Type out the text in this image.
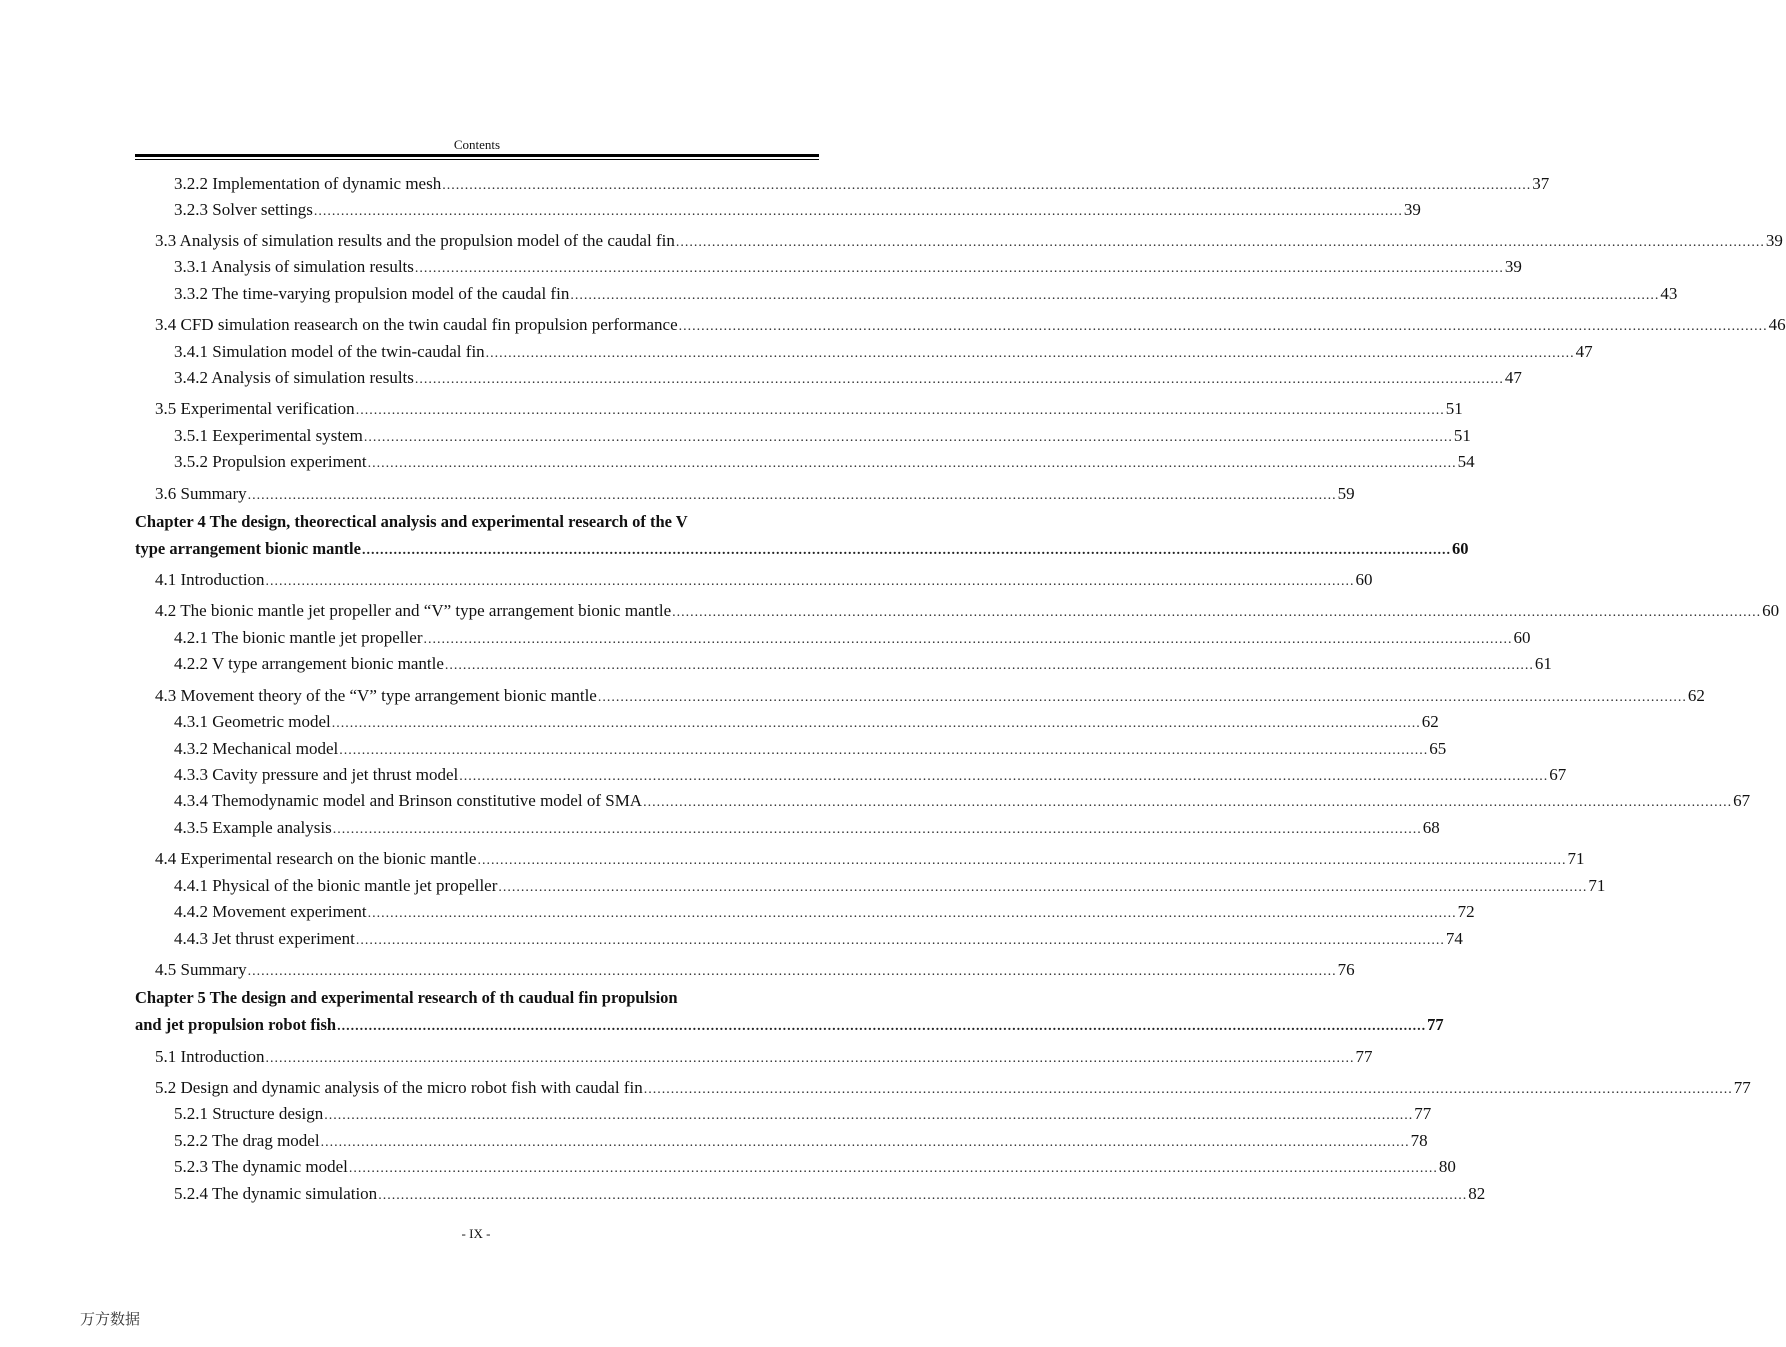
Contents
3.2.2 Implementation of dynamic mesh .....	37
3.2.3 Solver settings .....	39
3.3 Analysis of simulation results and the propulsion model of the caudal fin .....	39
3.3.1 Analysis of simulation results .....	39
3.3.2 The time-varying propulsion model of the caudal fin .....	43
3.4 CFD simulation reasearch on the twin caudal fin propulsion performance .....	46
3.4.1 Simulation model of the twin-caudal fin .....	47
3.4.2 Analysis of simulation results .....	47
3.5 Experimental verification .....	51
3.5.1 Eexperimental system .....	51
3.5.2 Propulsion experiment .....	54
3.6 Summary .....	59
Chapter 4 The design, theorectical analysis and experimental research of the V
type arrangement bionic mantle .....	60
4.1 Introduction .....	60
4.2 The bionic mantle jet propeller and “V” type arrangement bionic mantle .....	60
4.2.1 The bionic mantle jet propeller .....	60
4.2.2 V type arrangement bionic mantle .....	61
4.3 Movement theory of the “V” type arrangement bionic mantle .....	62
4.3.1 Geometric model .....	62
4.3.2 Mechanical model .....	65
4.3.3 Cavity pressure and jet thrust model .....	67
4.3.4 Themodynamic model and Brinson constitutive model of SMA .....	67
4.3.5 Example analysis .....	68
4.4 Experimental research on the bionic mantle .....	71
4.4.1 Physical of the bionic mantle jet propeller .....	71
4.4.2 Movement experiment .....	72
4.4.3 Jet thrust experiment .....	74
4.5 Summary .....	76
Chapter 5 The design and experimental research of th caudual fin propulsion
and jet propulsion robot fish .....	77
5.1 Introduction .....	77
5.2 Design and dynamic analysis of the micro robot fish with caudal fin .....	77
5.2.1 Structure design .....	77
5.2.2 The drag model .....	78
5.2.3 The dynamic model .....	80
5.2.4 The dynamic simulation .....	82
- IX -
万方数据
